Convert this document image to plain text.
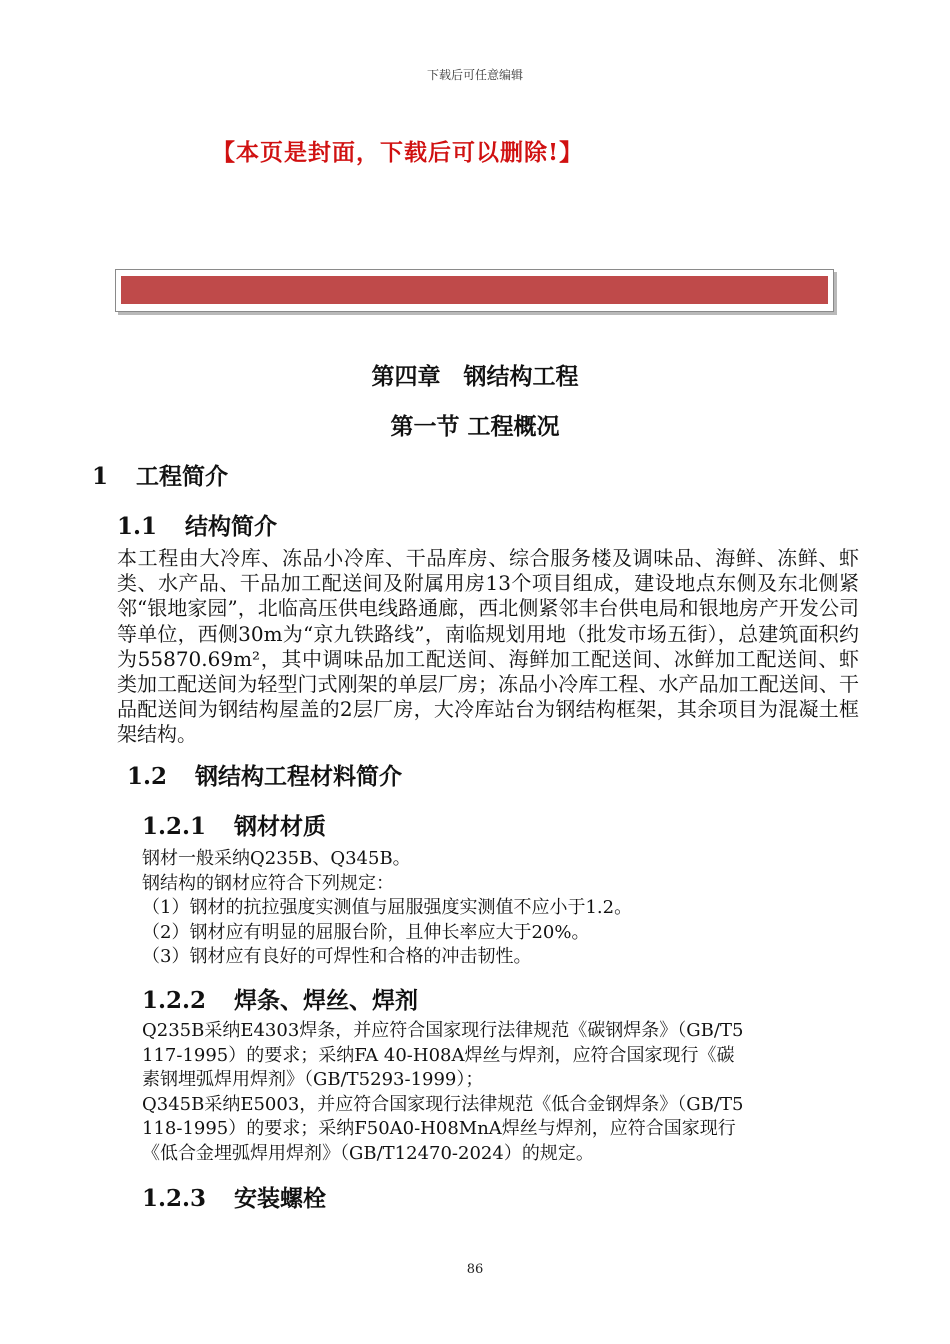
下载后可任意编辑
【本页是封面，下载后可以删除!】
第四章　钢结构工程
第一节 工程概况
1 工程简介
1.1 结构简介
本工程由大冷库、冻品小冷库、干品库房、综合服务楼及调味品、海鲜、冻鲜、虾类、水产品、干品加工配送间及附属用房13个项目组成，建设地点东侧及东北侧紧邻“银地家园”，北临高压供电线路通廊，西北侧紧邻丰台供电局和银地房产开发公司等单位，西侧30m为“京九铁路线”，南临规划用地（批发市场五街），总建筑面积约为55870.69m²，其中调味品加工配送间、海鲜加工配送间、冰鲜加工配送间、虾类加工配送间为轻型门式刚架的单层厂房；冻品小冷库工程、水产品加工配送间、干品配送间为钢结构屋盖的2层厂房，大冷库站台为钢结构框架，其余项目为混凝土框架结构。
1.2 钢结构工程材料简介
1.2.1 钢材材质
钢材一般采纳Q235B、Q345B。
钢结构的钢材应符合下列规定：
（1）钢材的抗拉强度实测值与屈服强度实测值不应小于1.2。
（2）钢材应有明显的屈服台阶，且伸长率应大于20%。
（3）钢材应有良好的可焊性和合格的冲击韧性。
1.2.2 焊条、焊丝、焊剂
Q235B采纳E4303焊条，并应符合国家现行法律规范《碳钢焊条》（GB/T5
117-1995）的要求；采纳FA 40-H08A焊丝与焊剂，应符合国家现行《碳
素钢埋弧焊用焊剂》（GB/T5293-1999）；
Q345B采纳E5003，并应符合国家现行法律规范《低合金钢焊条》（GB/T5
118-1995）的要求；采纳F50A0-H08MnA焊丝与焊剂，应符合国家现行
《低合金埋弧焊用焊剂》（GB/T12470-2024）的规定。
1.2.3 安装螺栓
86
